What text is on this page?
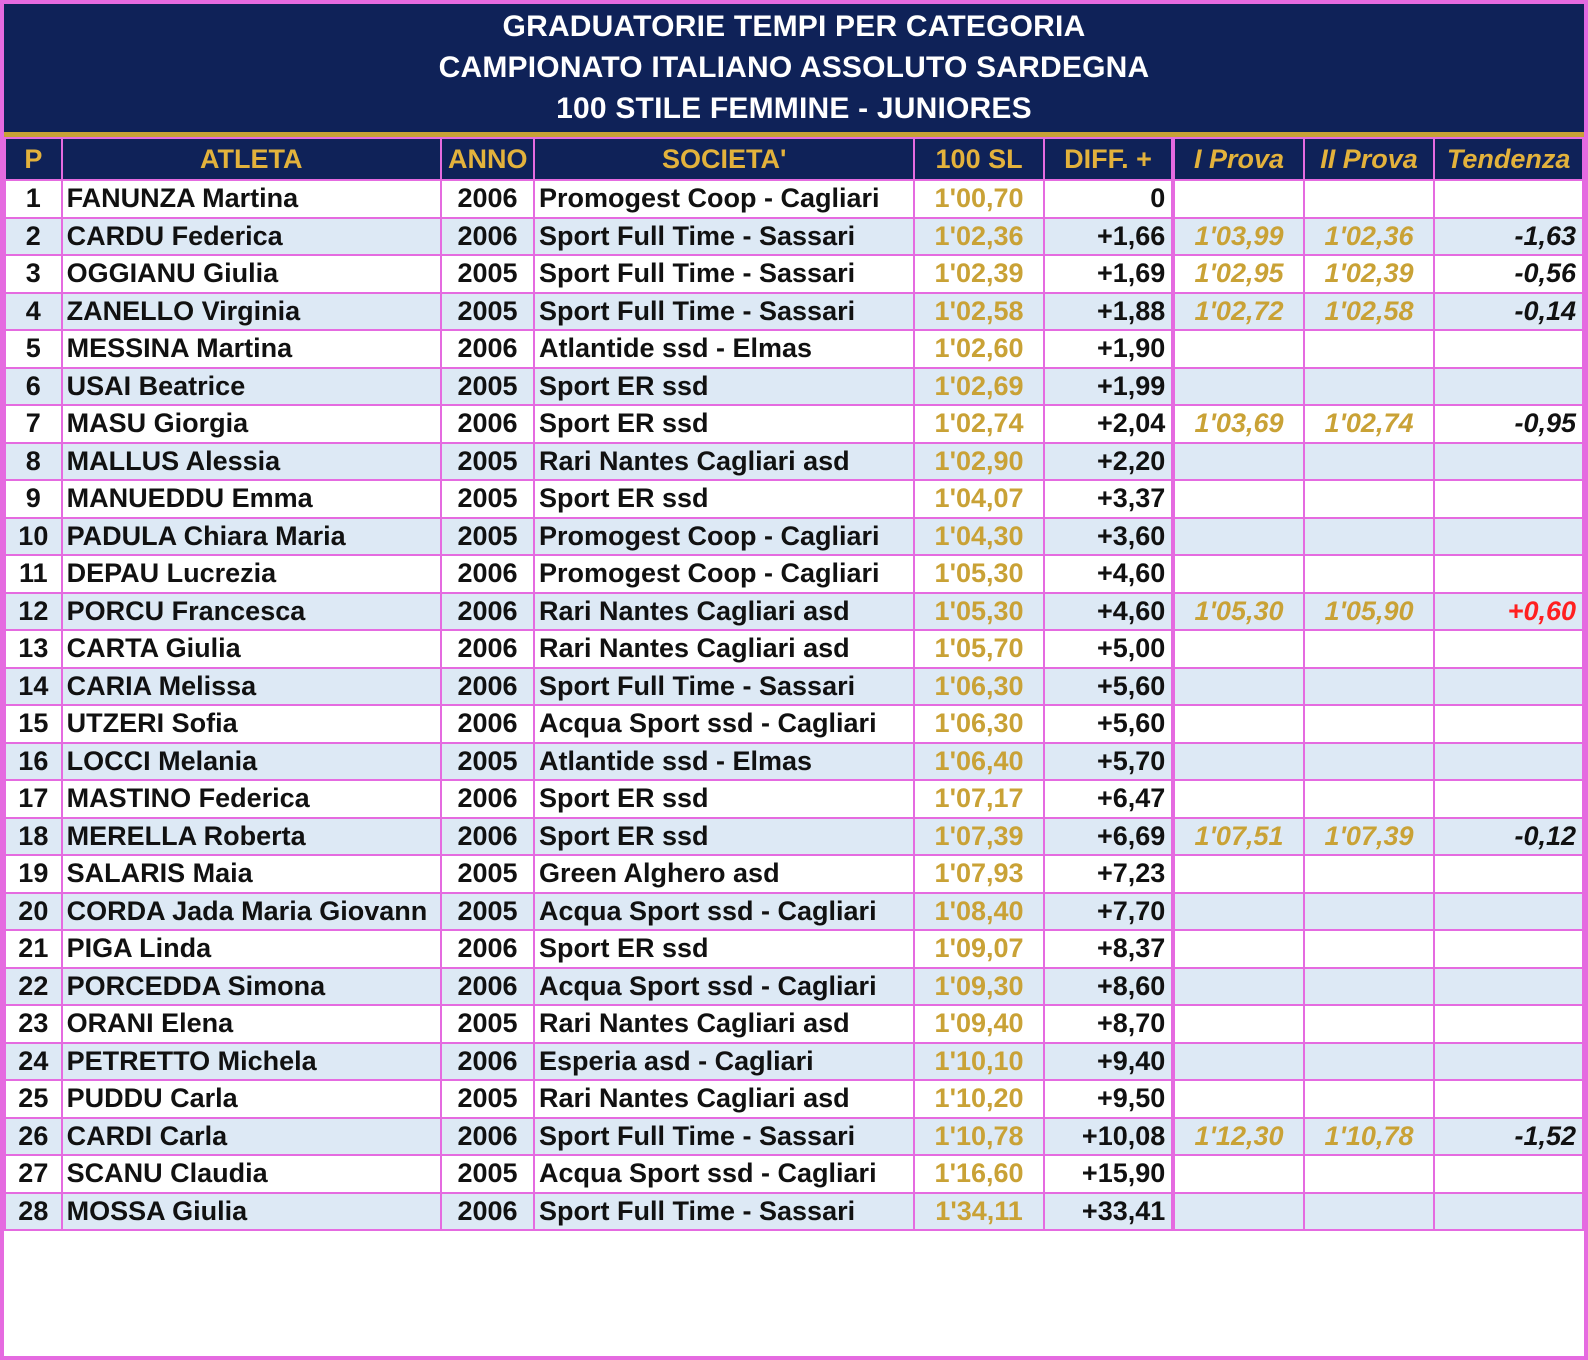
GRADUATORIE TEMPI PER CATEGORIA
CAMPIONATO ITALIANO ASSOLUTO SARDEGNA
100 STILE FEMMINE - JUNIORES
P	ATLETA	ANNO	SOCIETA'	100 SL	DIFF. +	I Prova	II Prova	Tendenza
1	FANUNZA Martina	2006	Promogest Coop - Cagliari	1'00,70	0			
2	CARDU Federica	2006	Sport Full Time - Sassari	1'02,36	+1,66	1'03,99	1'02,36	-1,63
3	OGGIANU Giulia	2005	Sport Full Time - Sassari	1'02,39	+1,69	1'02,95	1'02,39	-0,56
4	ZANELLO Virginia	2005	Sport Full Time - Sassari	1'02,58	+1,88	1'02,72	1'02,58	-0,14
5	MESSINA Martina	2006	Atlantide ssd - Elmas	1'02,60	+1,90			
6	USAI Beatrice	2005	Sport ER ssd	1'02,69	+1,99			
7	MASU Giorgia	2006	Sport ER ssd	1'02,74	+2,04	1'03,69	1'02,74	-0,95
8	MALLUS Alessia	2005	Rari Nantes Cagliari asd	1'02,90	+2,20			
9	MANUEDDU Emma	2005	Sport ER ssd	1'04,07	+3,37			
10	PADULA Chiara Maria	2005	Promogest Coop - Cagliari	1'04,30	+3,60			
11	DEPAU Lucrezia	2006	Promogest Coop - Cagliari	1'05,30	+4,60			
12	PORCU Francesca	2006	Rari Nantes Cagliari asd	1'05,30	+4,60	1'05,30	1'05,90	+0,60
13	CARTA Giulia	2006	Rari Nantes Cagliari asd	1'05,70	+5,00			
14	CARIA Melissa	2006	Sport Full Time - Sassari	1'06,30	+5,60			
15	UTZERI Sofia	2006	Acqua Sport ssd - Cagliari	1'06,30	+5,60			
16	LOCCI Melania	2005	Atlantide ssd - Elmas	1'06,40	+5,70			
17	MASTINO Federica	2006	Sport ER ssd	1'07,17	+6,47			
18	MERELLA Roberta	2006	Sport ER ssd	1'07,39	+6,69	1'07,51	1'07,39	-0,12
19	SALARIS Maia	2005	Green Alghero asd	1'07,93	+7,23			
20	CORDA Jada Maria Giovann	2005	Acqua Sport ssd - Cagliari	1'08,40	+7,70			
21	PIGA Linda	2006	Sport ER ssd	1'09,07	+8,37			
22	PORCEDDA Simona	2006	Acqua Sport ssd - Cagliari	1'09,30	+8,60			
23	ORANI Elena	2005	Rari Nantes Cagliari asd	1'09,40	+8,70			
24	PETRETTO Michela	2006	Esperia asd - Cagliari	1'10,10	+9,40			
25	PUDDU Carla	2005	Rari Nantes Cagliari asd	1'10,20	+9,50			
26	CARDI Carla	2006	Sport Full Time - Sassari	1'10,78	+10,08	1'12,30	1'10,78	-1,52
27	SCANU Claudia	2005	Acqua Sport ssd - Cagliari	1'16,60	+15,90			
28	MOSSA Giulia	2006	Sport Full Time - Sassari	1'34,11	+33,41			
